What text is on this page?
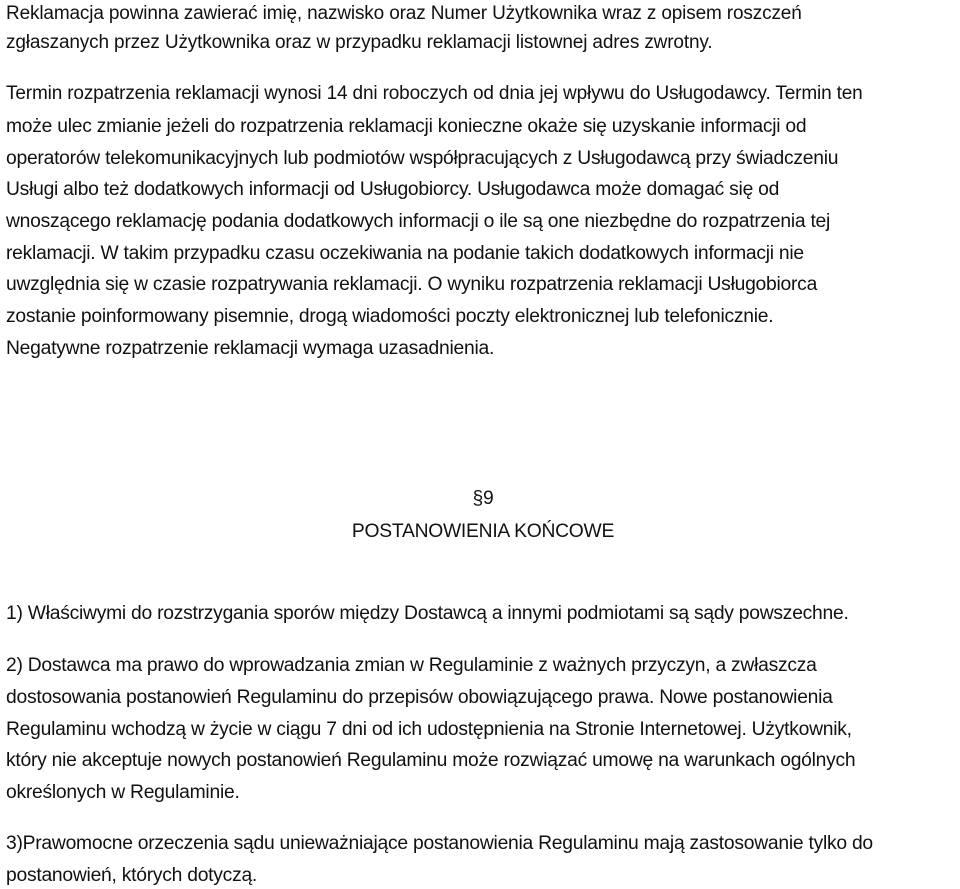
Reklamacja powinna zawierać imię, nazwisko oraz Numer Użytkownika wraz z opisem roszczeń
zgłaszanych przez Użytkownika oraz w przypadku reklamacji listownej adres zwrotny.
Termin rozpatrzenia reklamacji wynosi 14 dni roboczych od dnia jej wpływu do Usługodawcy. Termin ten
może ulec zmianie jeżeli do rozpatrzenia reklamacji konieczne okaże się uzyskanie informacji od
operatorów telekomunikacyjnych lub podmiotów współpracujących z Usługodawcą przy świadczeniu
Usługi albo też dodatkowych informacji od Usługobiorcy. Usługodawca może domagać się od
wnoszącego reklamację podania dodatkowych informacji o ile są one niezbędne do rozpatrzenia tej
reklamacji. W takim przypadku czasu oczekiwania na podanie takich dodatkowych informacji nie
uwzględnia się w czasie rozpatrywania reklamacji. O wyniku rozpatrzenia reklamacji Usługobiorca
zostanie poinformowany pisemnie, drogą wiadomości poczty elektronicznej lub telefonicznie.
Negatywne rozpatrzenie reklamacji wymaga uzasadnienia.
§9
POSTANOWIENIA KOŃCOWE
1) Właściwymi do rozstrzygania sporów między Dostawcą a innymi podmiotami są sądy powszechne.
2) Dostawca ma prawo do wprowadzania zmian w Regulaminie z ważnych przyczyn, a zwłaszcza
dostosowania postanowień Regulaminu do przepisów obowiązującego prawa. Nowe postanowienia
Regulaminu wchodzą w życie w ciągu 7 dni od ich udostępnienia na Stronie Internetowej. Użytkownik,
który nie akceptuje nowych postanowień Regulaminu może rozwiązać umowę na warunkach ogólnych
określonych w Regulaminie.
3)Prawomocne orzeczenia sądu unieważniające postanowienia Regulaminu mają zastosowanie tylko do
postanowień, których dotyczą.
